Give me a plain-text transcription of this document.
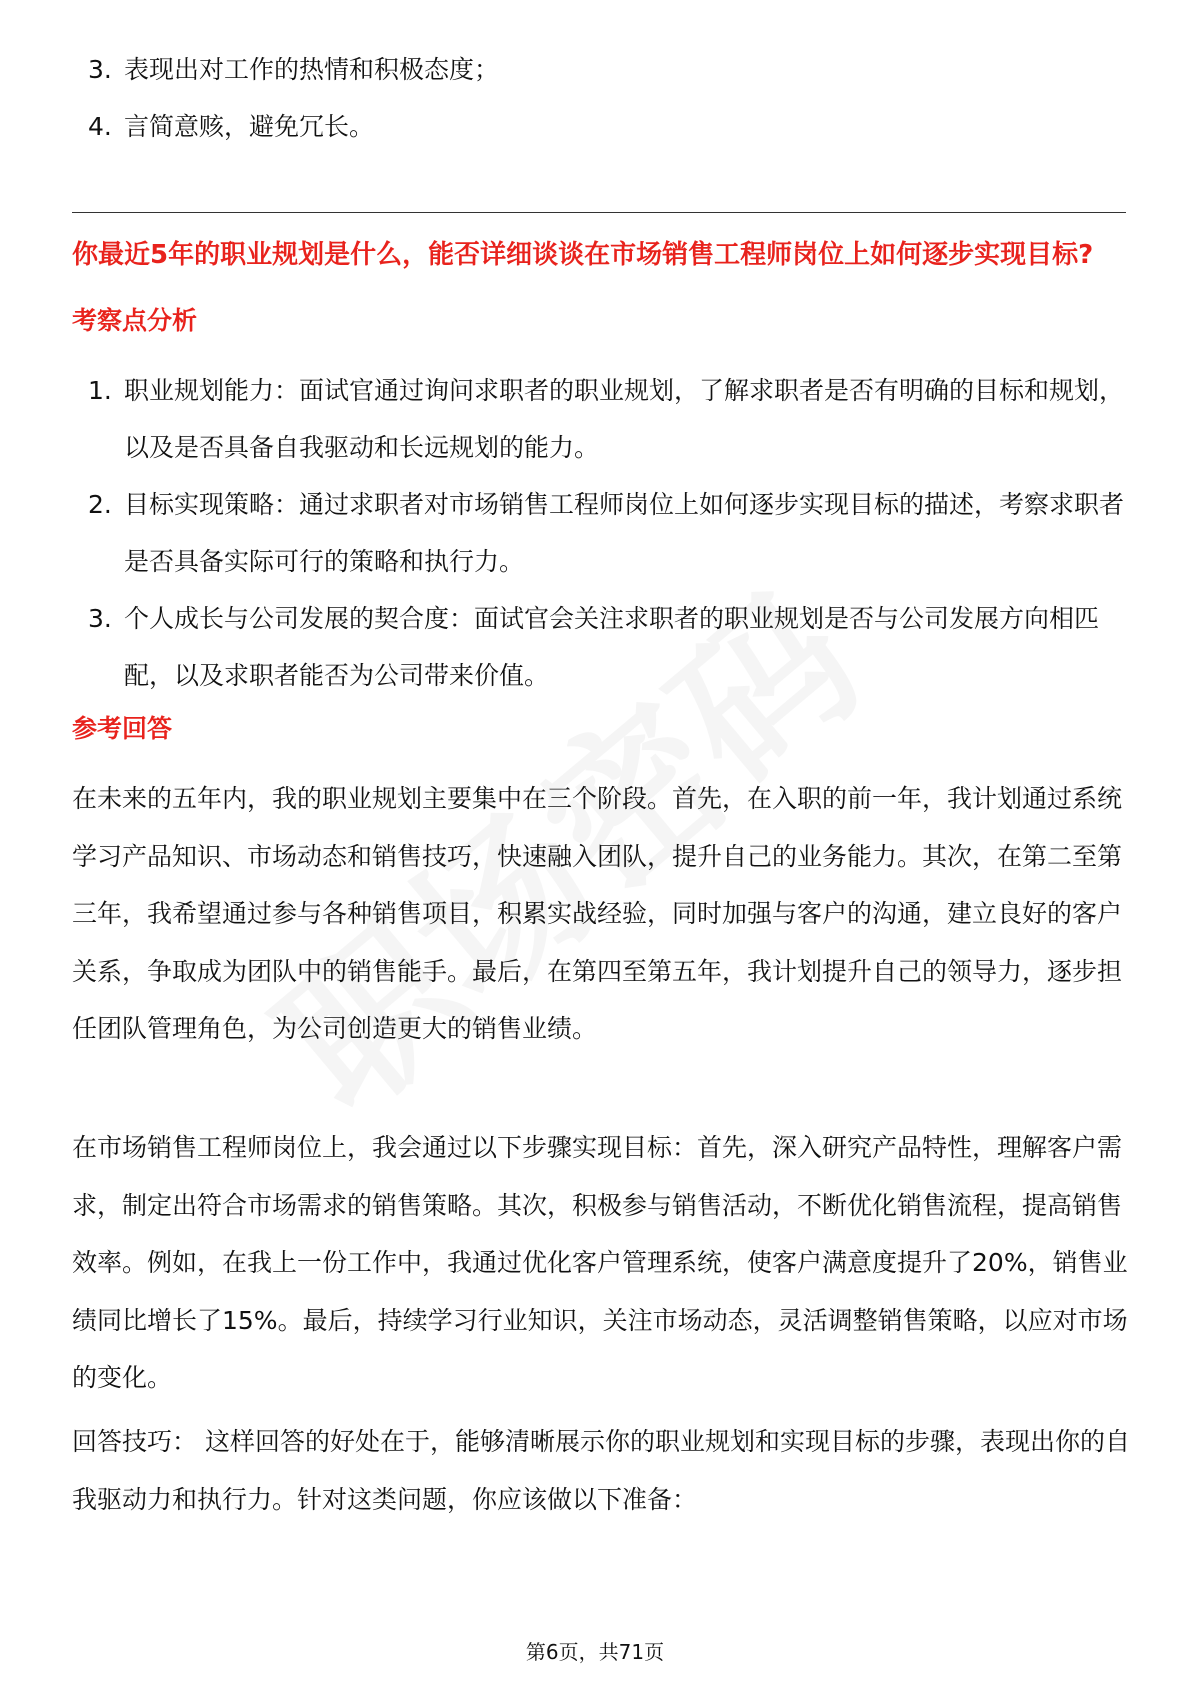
3. 表现出对工作的热情和积极态度；
4. 言简意赅，避免冗长。
你最近5年的职业规划是什么，能否详细谈谈在市场销售工程师岗位上如何逐步实现目标?
考察点分析
1. 职业规划能力：面试官通过询问求职者的职业规划，了解求职者是否有明确的目标和规划，以及是否具备自我驱动和长远规划的能力。
2. 目标实现策略：通过求职者对市场销售工程师岗位上如何逐步实现目标的描述，考察求职者是否具备实际可行的策略和执行力。
3. 个人成长与公司发展的契合度：面试官会关注求职者的职业规划是否与公司发展方向相匹配，以及求职者能否为公司带来价值。
参考回答

在未来的五年内，我的职业规划主要集中在三个阶段。首先，在入职的前一年，我计划通过系统学习产品知识、市场动态和销售技巧，快速融入团队，提升自己的业务能力。其次，在第二至第三年，我希望通过参与各种销售项目，积累实战经验，同时加强与客户的沟通，建立良好的客户关系，争取成为团队中的销售能手。最后，在第四至第五年，我计划提升自己的领导力，逐步担任团队管理角色，为公司创造更大的销售业绩。

在市场销售工程师岗位上，我会通过以下步骤实现目标：首先，深入研究产品特性，理解客户需求，制定出符合市场需求的销售策略。其次，积极参与销售活动，不断优化销售流程，提高销售效率。例如，在我上一份工作中，我通过优化客户管理系统，使客户满意度提升了20%，销售业绩同比增长了15%。最后，持续学习行业知识，关注市场动态，灵活调整销售策略，以应对市场的变化。

回答技巧： 这样回答的好处在于，能够清晰展示你的职业规划和实现目标的步骤，表现出你的自我驱动力和执行力。针对这类问题，你应该做以下准备：

第6页，共71页
